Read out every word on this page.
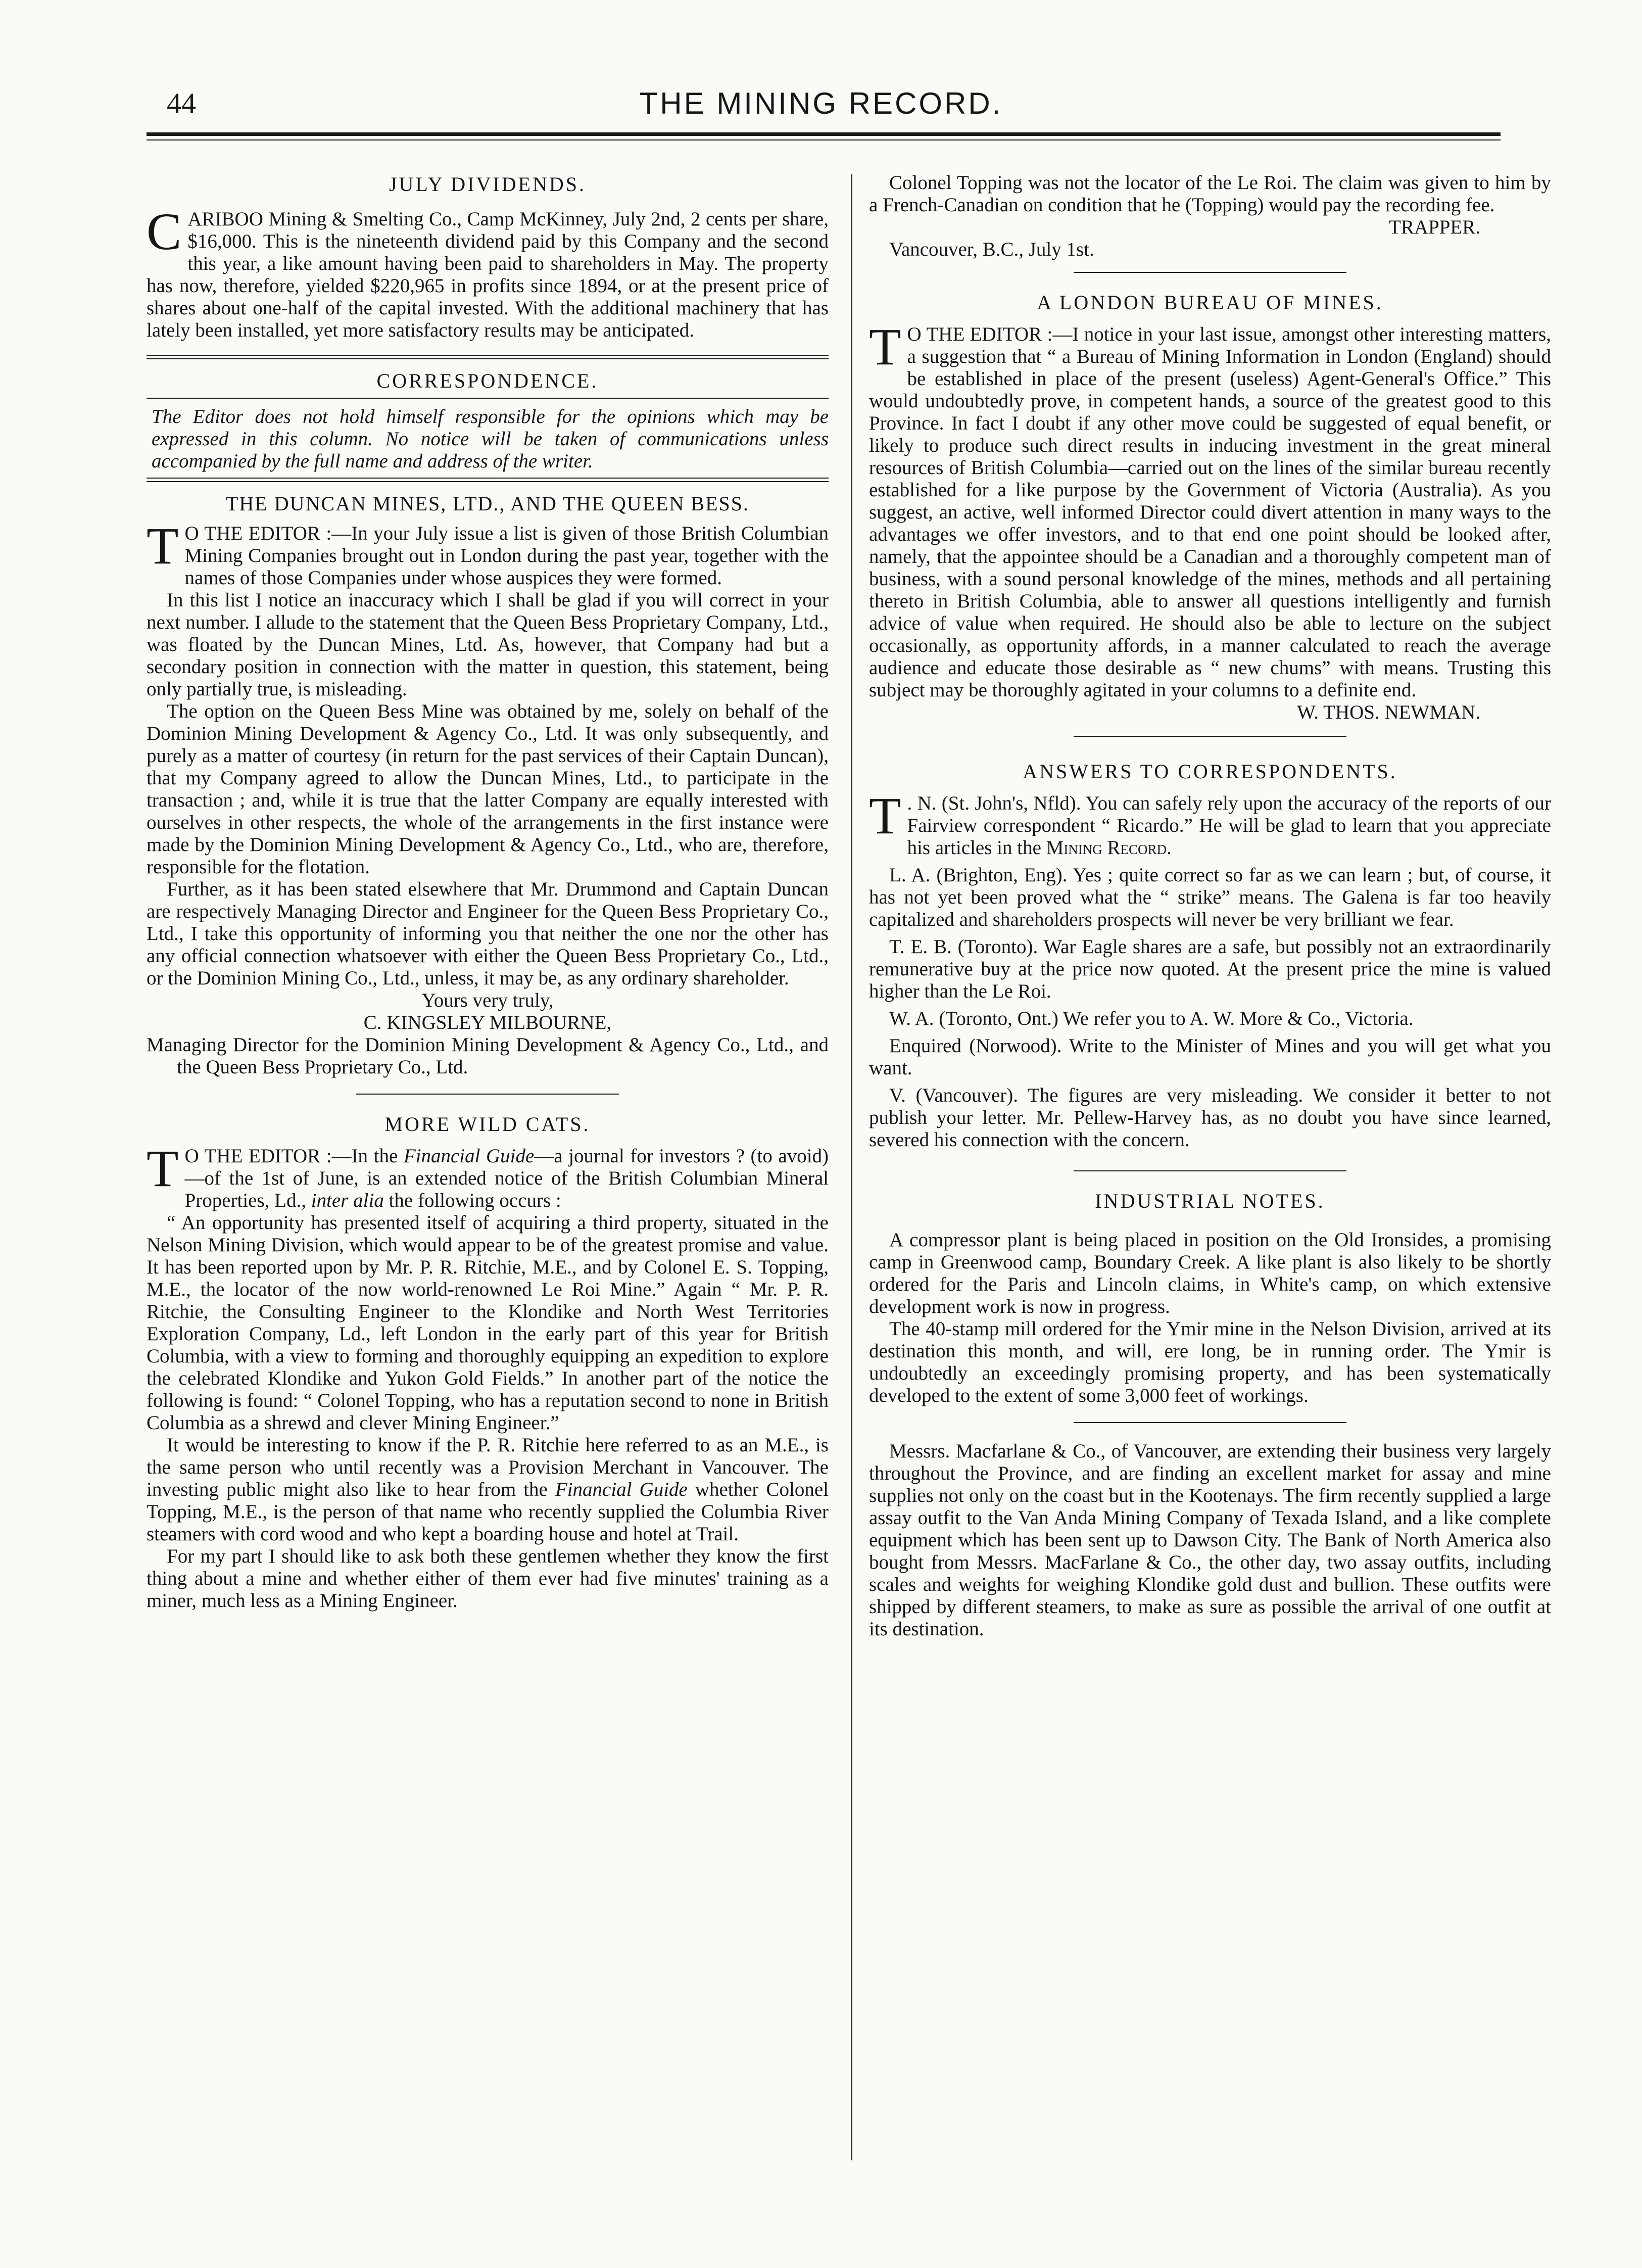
44	THE MINING RECORD.
JULY DIVIDENDS.

CARIBOO Mining & Smelting Co., Camp McKinney, July 2nd, 2 cents per share, $16,000. This is the nineteenth dividend paid by this Company and the second this year, a like amount having been paid to shareholders in May. The property has now, therefore, yielded $220,965 in profits since 1894, or at the present price of shares about one-half of the capital invested. With the additional machinery that has lately been installed, yet more satisfactory results may be anticipated.

CORRESPONDENCE.

The Editor does not hold himself responsible for the opinions which may be expressed in this column. No notice will be taken of communications unless accompanied by the full name and address of the writer.

THE DUNCAN MINES, LTD., AND THE QUEEN BESS.

T O THE EDITOR :—In your July issue a list is given of those British Columbian Mining Companies brought out in London during the past year, together with the names of those Companies under whose auspices they were formed.

In this list I notice an inaccuracy which I shall be glad if you will correct in your next number. I allude to the statement that the Queen Bess Proprietary Company, Ltd., was floated by the Duncan Mines, Ltd. As, however, that Company had but a secondary position in connection with the matter in question, this statement, being only partially true, is misleading.

The option on the Queen Bess Mine was obtained by me, solely on behalf of the Dominion Mining Development & Agency Co., Ltd. It was only subsequently, and purely as a matter of courtesy (in return for the past services of their Captain Duncan), that my Company agreed to allow the Duncan Mines, Ltd., to participate in the transaction ; and, while it is true that the latter Company are equally interested with ourselves in other respects, the whole of the arrangements in the first instance were made by the Dominion Mining Development & Agency Co., Ltd., who are, therefore, responsible for the flotation.

Further, as it has been stated elsewhere that Mr. Drummond and Captain Duncan are respectively Managing Director and Engineer for the Queen Bess Proprietary Co., Ltd., I take this opportunity of informing you that neither the one nor the other has any official connection whatsoever with either the Queen Bess Proprietary Co., Ltd., or the Dominion Mining Co., Ltd., unless, it may be, as any ordinary shareholder.

Yours very truly,

C. KINGSLEY MILBOURNE,

Managing Director for the Dominion Mining Development & Agency Co., Ltd., and the Queen Bess Proprietary Co., Ltd.

MORE WILD CATS.

T O THE EDITOR :—In the Financial Guide—a journal for investors ? (to avoid)—of the 1st of June, is an extended notice of the British Columbian Mineral Properties, Ld., inter alia the following occurs :

“ An opportunity has presented itself of acquiring a third property, situated in the Nelson Mining Division, which would appear to be of the greatest promise and value. It has been reported upon by Mr. P. R. Ritchie, M.E., and by Colonel E. S. Topping, M.E., the locator of the now world-renowned Le Roi Mine.” Again “ Mr. P. R. Ritchie, the Consulting Engineer to the Klondike and North West Territories Exploration Company, Ld., left London in the early part of this year for British Columbia, with a view to forming and thoroughly equipping an expedition to explore the celebrated Klondike and Yukon Gold Fields.” In another part of the notice the following is found: “ Colonel Topping, who has a reputation second to none in British Columbia as a shrewd and clever Mining Engineer.”

It would be interesting to know if the P. R. Ritchie here referred to as an M.E., is the same person who until recently was a Provision Merchant in Vancouver. The investing public might also like to hear from the Financial Guide whether Colonel Topping, M.E., is the person of that name who recently supplied the Columbia River steamers with cord wood and who kept a boarding house and hotel at Trail.

For my part I should like to ask both these gentlemen whether they know the first thing about a mine and whether either of them ever had five minutes' training as a miner, much less as a Mining Engineer.

Colonel Topping was not the locator of the Le Roi. The claim was given to him by a French-Canadian on condition that he (Topping) would pay the recording fee.

TRAPPER.

Vancouver, B.C., July 1st.

A LONDON BUREAU OF MINES.

T O THE EDITOR :—I notice in your last issue, amongst other interesting matters, a suggestion that “ a Bureau of Mining Information in London (England) should be established in place of the present (useless) Agent-General's Office.” This would undoubtedly prove, in competent hands, a source of the greatest good to this Province. In fact I doubt if any other move could be suggested of equal benefit, or likely to produce such direct results in inducing investment in the great mineral resources of British Columbia—carried out on the lines of the similar bureau recently established for a like purpose by the Government of Victoria (Australia). As you suggest, an active, well informed Director could divert attention in many ways to the advantages we offer investors, and to that end one point should be looked after, namely, that the appointee should be a Canadian and a thoroughly competent man of business, with a sound personal knowledge of the mines, methods and all pertaining thereto in British Columbia, able to answer all questions intelligently and furnish advice of value when required. He should also be able to lecture on the subject occasionally, as opportunity affords, in a manner calculated to reach the average audience and educate those desirable as “ new chums” with means. Trusting this subject may be thoroughly agitated in your columns to a definite end.

W. THOS. NEWMAN.

ANSWERS TO CORRESPONDENTS.

T . N. (St. John's, Nfld). You can safely rely upon the accuracy of the reports of our Fairview correspondent “ Ricardo.” He will be glad to learn that you appreciate his articles in the Mining Record.

L. A. (Brighton, Eng). Yes ; quite correct so far as we can learn ; but, of course, it has not yet been proved what the “ strike” means. The Galena is far too heavily capitalized and shareholders prospects will never be very brilliant we fear.

T. E. B. (Toronto). War Eagle shares are a safe, but possibly not an extraordinarily remunerative buy at the price now quoted. At the present price the mine is valued higher than the Le Roi.

W. A. (Toronto, Ont.) We refer you to A. W. More & Co., Victoria.

Enquired (Norwood). Write to the Minister of Mines and you will get what you want.

V. (Vancouver). The figures are very misleading. We consider it better to not publish your letter. Mr. Pellew-Harvey has, as no doubt you have since learned, severed his connection with the concern.

INDUSTRIAL NOTES.

A compressor plant is being placed in position on the Old Ironsides, a promising camp in Greenwood camp, Boundary Creek. A like plant is also likely to be shortly ordered for the Paris and Lincoln claims, in White's camp, on which extensive development work is now in progress.

The 40-stamp mill ordered for the Ymir mine in the Nelson Division, arrived at its destination this month, and will, ere long, be in running order. The Ymir is undoubtedly an exceedingly promising property, and has been systematically developed to the extent of some 3,000 feet of workings.

Messrs. Macfarlane & Co., of Vancouver, are extending their business very largely throughout the Province, and are finding an excellent market for assay and mine supplies not only on the coast but in the Kootenays. The firm recently supplied a large assay outfit to the Van Anda Mining Company of Texada Island, and a like complete equipment which has been sent up to Dawson City. The Bank of North America also bought from Messrs. MacFarlane & Co., the other day, two assay outfits, including scales and weights for weighing Klondike gold dust and bullion. These outfits were shipped by different steamers, to make as sure as possible the arrival of one outfit at its destination.
